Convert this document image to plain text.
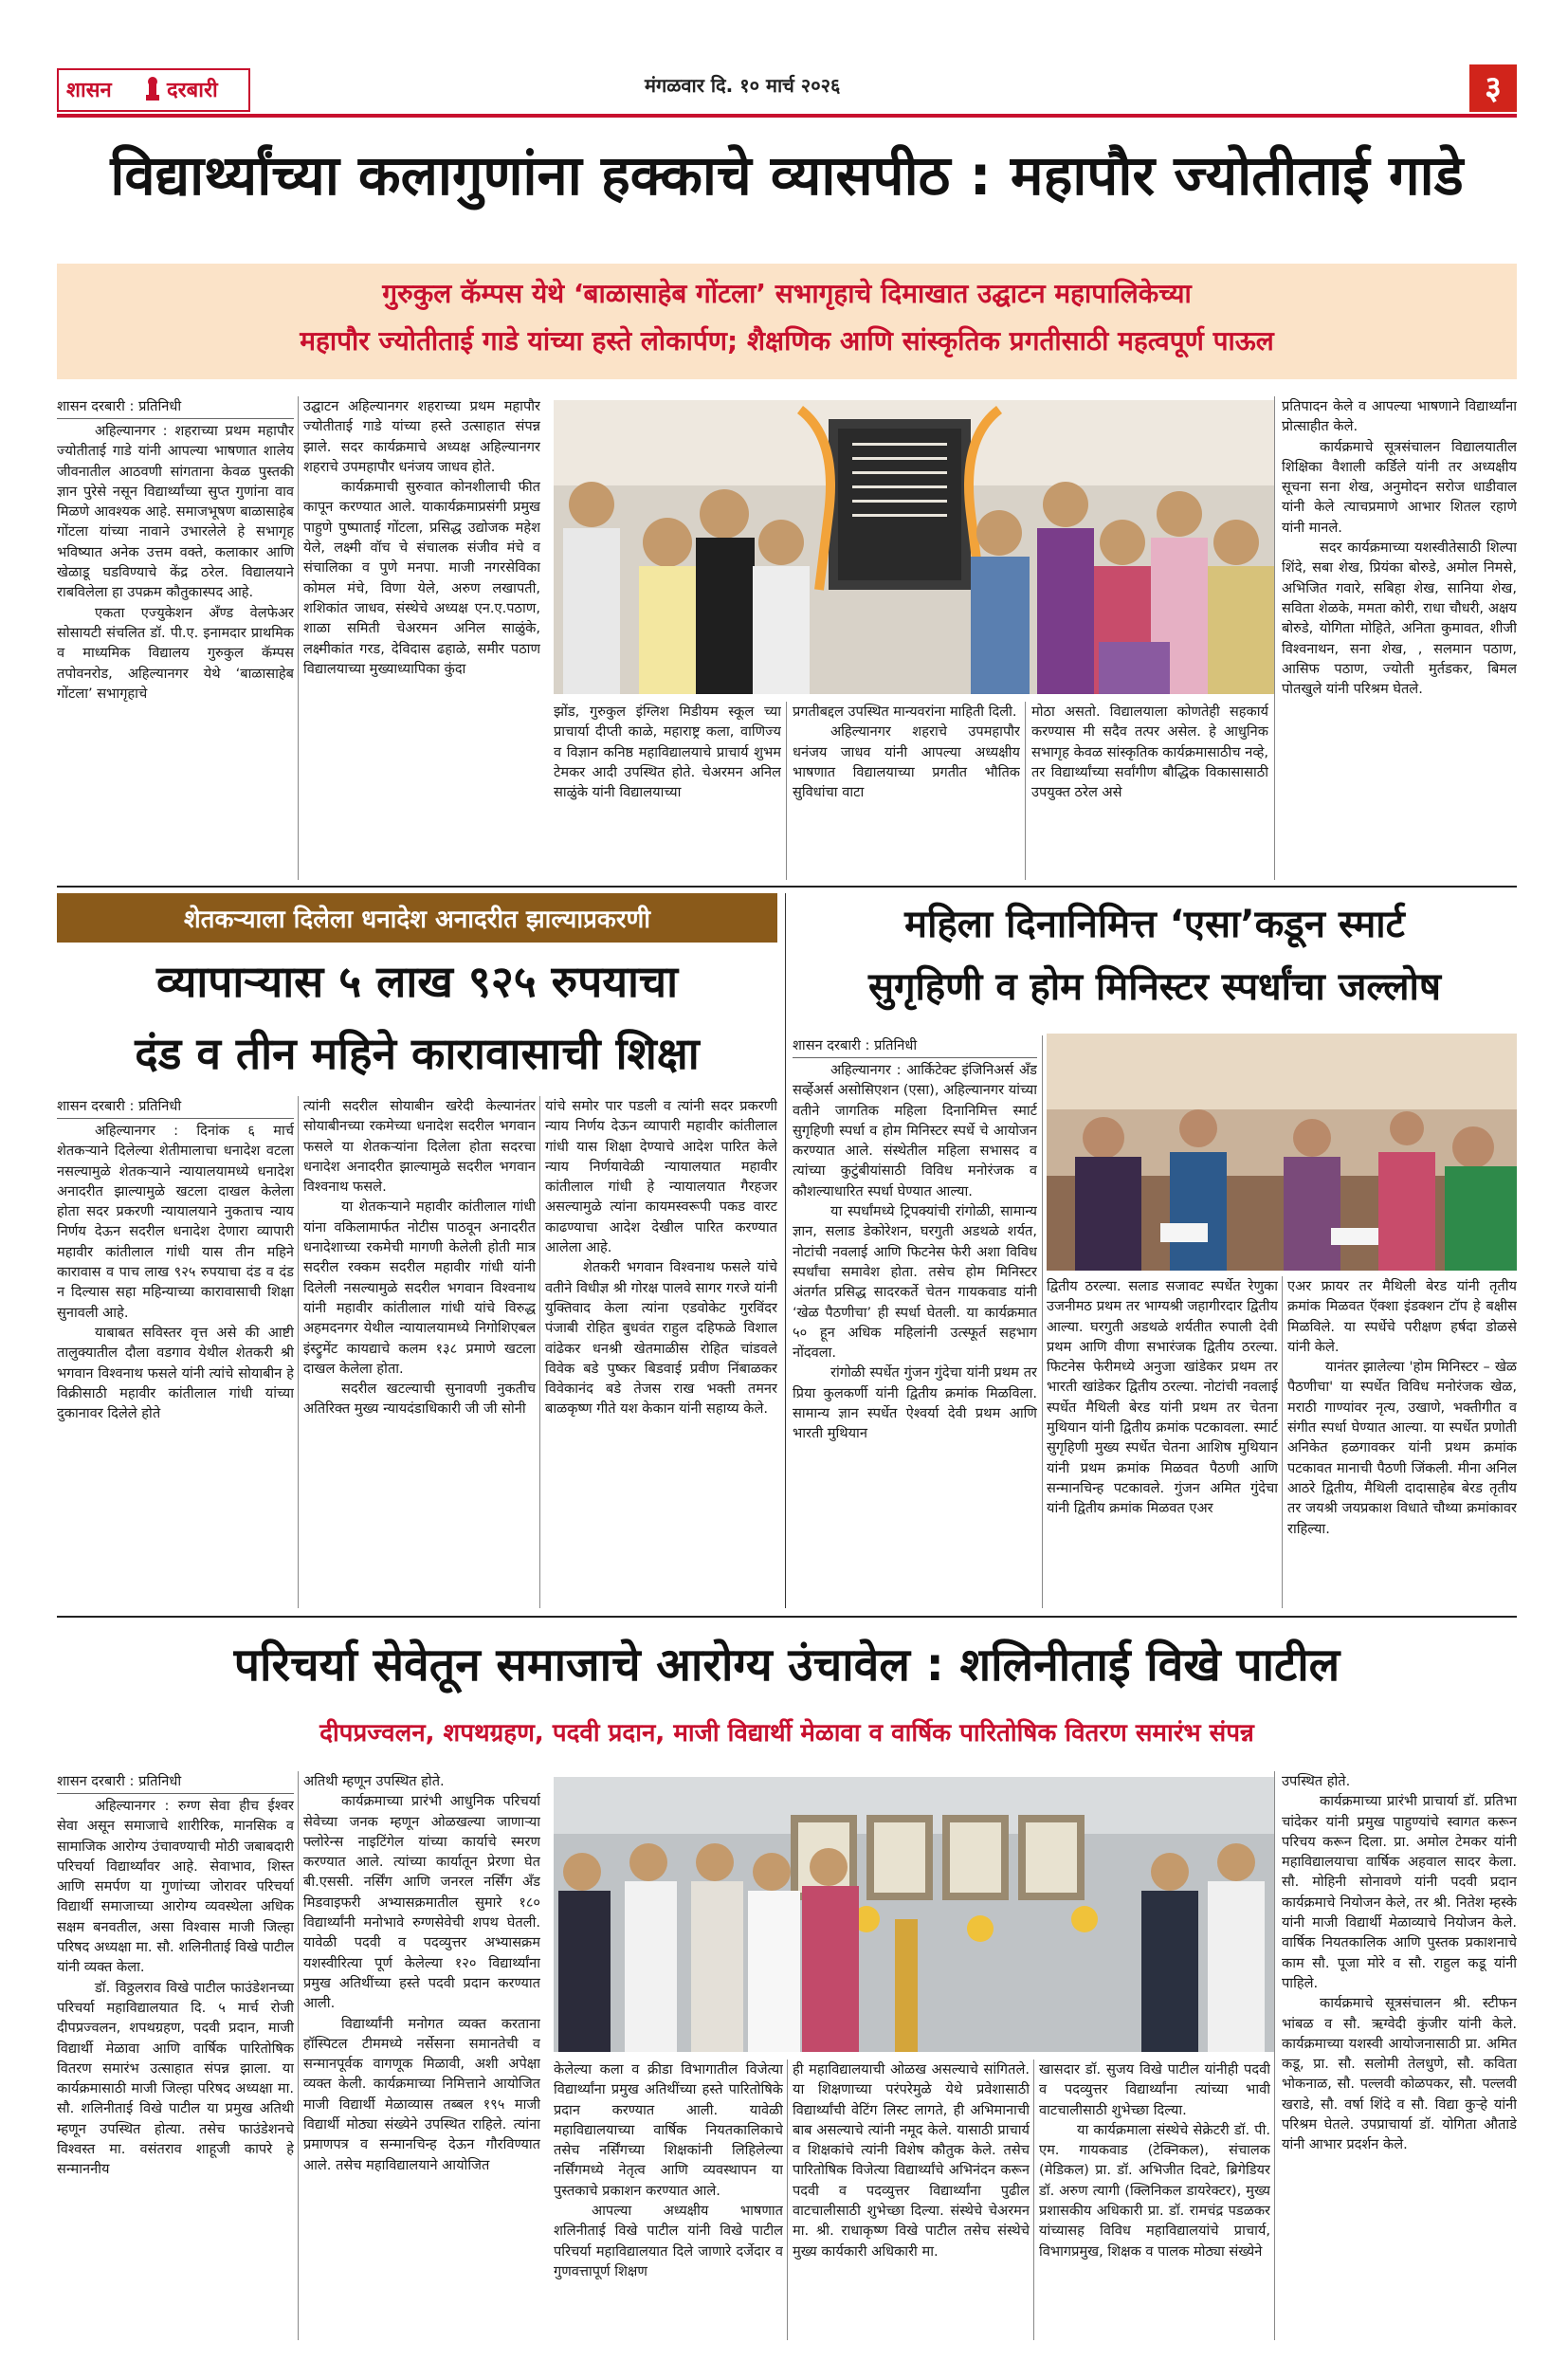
शासन	दरबारी	मंगळवार दि. १० मार्च २०२६	३
विद्यार्थ्यांच्या कलागुणांना हक्काचे व्यासपीठ : महापौर ज्योतीताई गाडे
गुरुकुल कॅम्पस येथे ‘बाळासाहेब गोंटला’ सभागृहाचे दिमाखात उद्घाटन महापालिकेच्या
महापौर ज्योतीताई गाडे यांच्या हस्ते लोकार्पण; शैक्षणिक आणि सांस्कृतिक प्रगतीसाठी महत्वपूर्ण पाऊल
शासन दरबारी : प्रतिनिधी

अहिल्यानगर : शहराच्या प्रथम महापौर ज्योतीताई गाडे यांनी आपल्या भाषणात शालेय जीवनातील आठवणी सांगताना केवळ पुस्तकी ज्ञान पुरेसे नसून विद्यार्थ्यांच्या सुप्त गुणांना वाव मिळणे आवश्यक आहे. समाजभूषण बाळासाहेब गोंटला यांच्या नावाने उभारलेले हे सभागृह भविष्यात अनेक उत्तम वक्ते, कलाकार आणि खेळाडू घडविण्याचे केंद्र ठरेल. विद्यालयाने राबविलेला हा उपक्रम कौतुकास्पद आहे.

एकता एज्युकेशन अँण्ड वेलफेअर सोसायटी संचलित डॉ. पी.ए. इनामदार प्राथमिक व माध्यमिक विद्यालय गुरुकुल कॅम्पस तपोवनरोड, अहिल्यानगर येथे ‘बाळासाहेब गोंटला’ सभागृहाचे

उद्घाटन अहिल्यानगर शहराच्या प्रथम महापौर ज्योतीताई गाडे यांच्या हस्ते उत्साहात संपन्न झाले. सदर कार्यक्रमाचे अध्यक्ष अहिल्यानगर शहराचे उपमहापौर धनंजय जाधव होते.

कार्यक्रमाची सुरुवात कोनशीलाची फीत कापून करण्यात आले. याकार्यक्रमाप्रसंगी प्रमुख पाहुणे पुष्पाताई गोंटला, प्रसिद्ध उद्योजक महेश येले, लक्ष्मी वॉच चे संचालक संजीव मंचे व संचालिका व पुणे मनपा. माजी नगरसेविका कोमल मंचे, विणा येले, अरुण लखापती, शशिकांत जाधव, संस्थेचे अध्यक्ष एन.ए.पठाण, शाळा समिती चेअरमन अनिल साळुंके, लक्ष्मीकांत गरड, देविदास ढहाळे, समीर पठाण विद्यालयाच्या मुख्याध्यापिका कुंदा

झोंड, गुरुकुल इंग्लिश मिडीयम स्कूल च्या प्राचार्या दीप्ती काळे, महाराष्ट्र कला, वाणिज्य व विज्ञान कनिष्ठ महाविद्यालयाचे प्राचार्य शुभम टेमकर आदी उपस्थित होते. चेअरमन अनिल साळुंके यांनी विद्यालयाच्या

प्रगतीबद्दल उपस्थित मान्यवरांना माहिती दिली.

अहिल्यानगर शहराचे उपमहापौर धनंजय जाधव यांनी आपल्या अध्यक्षीय भाषणात विद्यालयाच्या प्रगतीत भौतिक सुविधांचा वाटा

मोठा असतो. विद्यालयाला कोणतेही सहकार्य करण्यास मी सदैव तत्पर असेल. हे आधुनिक सभागृह केवळ सांस्कृतिक कार्यक्रमासाठीच नव्हे, तर विद्यार्थ्यांच्या सर्वांगीण बौद्धिक विकासासाठी उपयुक्त ठरेल असे

प्रतिपादन केले व आपल्या भाषणाने विद्यार्थ्यांना प्रोत्साहीत केले.

कार्यक्रमाचे सूत्रसंचालन विद्यालयातील शिक्षिका वैशाली कर्डिले यांनी तर अध्यक्षीय सूचना सना शेख, अनुमोदन सरोज धाडीवाल यांनी केले त्याचप्रमाणे आभार शितल रहाणे यांनी मानले.

सदर कार्यक्रमाच्या यशस्वीतेसाठी शिल्पा शिंदे, सबा शेख, प्रियंका बोरुडे, अमोल निमसे, अभिजित गवारे, सबिहा शेख, सानिया शेख, सविता शेळके, ममता कोरी, राधा चौधरी, अक्षय बोरुडे, योगिता मोहिते, अनिता कुमावत, शीजी विश्वनाथन, सना शेख, , सलमान पठाण, आसिफ पठाण, ज्योती मुर्तडकर, बिमल पोतखुले यांनी परिश्रम घेतले.

शेतकऱ्याला दिलेला धनादेश अनादरीत झाल्याप्रकरणी
व्यापाऱ्यास ५ लाख ९२५ रुपयाचा
दंड व तीन महिने कारावासाची शिक्षा
शासन दरबारी : प्रतिनिधी

अहिल्यानगर : दिनांक ६ मार्च शेतकऱ्याने दिलेल्या शेतीमालाचा धनादेश वटला नसल्यामुळे शेतकऱ्याने न्यायालयामध्ये धनादेश अनादरीत झाल्यामुळे खटला दाखल केलेला होता सदर प्रकरणी न्यायालयाने नुकताच न्याय निर्णय देऊन सदरील धनादेश देणारा व्यापारी महावीर कांतीलाल गांधी यास तीन महिने कारावास व पाच लाख ९२५ रुपयाचा दंड व दंड न दिल्यास सहा महिन्याच्या कारावासाची शिक्षा सुनावली आहे.

याबाबत सविस्तर वृत्त असे की आष्टी तालुक्यातील दौला वडगाव येथील शेतकरी श्री भगवान विश्वनाथ फसले यांनी त्यांचे सोयाबीन हे विक्रीसाठी महावीर कांतीलाल गांधी यांच्या दुकानावर दिलेले होते

त्यांनी सदरील सोयाबीन खरेदी केल्यानंतर सोयाबीनच्या रकमेच्या धनादेश सदरील भगवान फसले या शेतकऱ्यांना दिलेला होता सदरचा धनादेश अनादरीत झाल्यामुळे सदरील भगवान विश्वनाथ फसले.

या शेतकऱ्याने महावीर कांतीलाल गांधी यांना वकिलामार्फत नोटीस पाठवून अनादरीत धनादेशाच्या रकमेची मागणी केलेली होती मात्र सदरील रक्कम सदरील महावीर गांधी यांनी दिलेली नसल्यामुळे सदरील भगवान विश्वनाथ यांनी महावीर कांतीलाल गांधी यांचे विरुद्ध अहमदनगर येथील न्यायालयामध्ये निगोशिएबल इंस्ट्रुमेंट कायद्याचे कलम १३८ प्रमाणे खटला दाखल केलेला होता.

सदरील खटल्याची सुनावणी नुकतीच अतिरिक्त मुख्य न्यायदंडाधिकारी जी जी सोनी

यांचे समोर पार पडली व त्यांनी सदर प्रकरणी न्याय निर्णय देऊन व्यापारी महावीर कांतीलाल गांधी यास शिक्षा देण्याचे आदेश पारित केले न्याय निर्णयावेळी न्यायालयात महावीर कांतीलाल गांधी हे न्यायालयात गैरहजर असल्यामुळे त्यांना कायमस्वरूपी पकड वारट काढण्याचा आदेश देखील पारित करण्यात आलेला आहे.

शेतकरी भगवान विश्वनाथ फसले यांचे वतीने विधीज्ञ श्री गोरक्ष पालवे सागर गरजे यांनी युक्तिवाद केला त्यांना एडवोकेट गुरविंदर पंजाबी रोहित बुधवंत राहुल दहिफळे विशाल वांढेकर धनश्री खेतमाळीस रोहित चांडवले विवेक बडे पुष्कर बिडवाई प्रवीण निंबाळकर विवेकानंद बडे तेजस राख भक्ती तमनर बाळकृष्ण गीते यश केकान यांनी सहाय्य केले.

महिला दिनानिमित्त ‘एसा’कडून स्मार्ट
सुगृहिणी व होम मिनिस्टर स्पर्धांचा जल्लोष
शासन दरबारी : प्रतिनिधी

अहिल्यानगर : आर्किटेक्ट इंजिनिअर्स अँड सर्व्हेअर्स असोसिएशन (एसा), अहिल्यानगर यांच्या वतीने जागतिक महिला दिनानिमित्त स्मार्ट सुगृहिणी स्पर्धा व होम मिनिस्टर स्पर्धे चे आयोजन करण्यात आले. संस्थेतील महिला सभासद व त्यांच्या कुटुंबीयांसाठी विविध मनोरंजक व कौशल्याधारित स्पर्धा घेण्यात आल्या.

या स्पर्धांमध्ये ट्रिपक्यांची रांगोळी, सामान्य ज्ञान, सलाड डेकोरेशन, घरगुती अडथळे शर्यत, नोटांची नवलाई आणि फिटनेस फेरी अशा विविध स्पर्धांचा समावेश होता. तसेच होम मिनिस्टर अंतर्गत प्रसिद्ध सादरकर्ते चेतन गायकवाड यांनी ‘खेळ पैठणीचा’ ही स्पर्धा घेतली. या कार्यक्रमात ५० हून अधिक महिलांनी उत्स्फूर्त सहभाग नोंदवला.

रांगोळी स्पर्धेत गुंजन गुंदेचा यांनी प्रथम तर प्रिया कुलकर्णी यांनी द्वितीय क्रमांक मिळविला. सामान्य ज्ञान स्पर्धेत ऐश्वर्या देवी प्रथम आणि भारती मुथियान

द्वितीय ठरल्या. सलाड सजावट स्पर्धेत रेणुका उजनीमठ प्रथम तर भाग्यश्री जहागीरदार द्वितीय आल्या. घरगुती अडथळे शर्यतीत रुपाली देवी प्रथम आणि वीणा सभारंजक द्वितीय ठरल्या. फिटनेस फेरीमध्ये अनुजा खांडेकर प्रथम तर भारती खांडेकर द्वितीय ठरल्या. नोटांची नवलाई स्पर्धेत मैथिली बेरड यांनी प्रथम तर चेतना मुथियान यांनी द्वितीय क्रमांक पटकावला. स्मार्ट सुगृहिणी मुख्य स्पर्धेत चेतना आशिष मुथियान यांनी प्रथम क्रमांक मिळवत पैठणी आणि सन्मानचिन्ह पटकावले. गुंजन अमित गुंदेचा यांनी द्वितीय क्रमांक मिळवत एअर

एअर फ्रायर तर मैथिली बेरड यांनी तृतीय क्रमांक मिळवत ऍक्शा इंडक्शन टॉप हे बक्षीस मिळविले. या स्पर्धेचे परीक्षण हर्षदा डोळसे यांनी केले.

यानंतर झालेल्या 'होम मिनिस्टर – खेळ पैठणीचा' या स्पर्धेत विविध मनोरंजक खेळ, मराठी गाण्यांवर नृत्य, उखाणे, भक्तीगीत व संगीत स्पर्धा घेण्यात आल्या. या स्पर्धेत प्रणोती अनिकेत हळगावकर यांनी प्रथम क्रमांक पटकावत मानाची पैठणी जिंकली. मीना अनिल आठरे द्वितीय, मैथिली दादासाहेब बेरड तृतीय तर जयश्री जयप्रकाश विधाते चौथ्या क्रमांकावर राहिल्या.

परिचर्या सेवेतून समाजाचे आरोग्य उंचावेल : शलिनीताई विखे पाटील
दीपप्रज्वलन, शपथग्रहण, पदवी प्रदान, माजी विद्यार्थी मेळावा व वार्षिक पारितोषिक वितरण समारंभ संपन्न
शासन दरबारी : प्रतिनिधी

अहिल्यानगर : रुग्ण सेवा हीच ईश्वर सेवा असून समाजाचे शारीरिक, मानसिक व सामाजिक आरोग्य उंचावण्याची मोठी जबाबदारी परिचर्या विद्यार्थ्यांवर आहे. सेवाभाव, शिस्त आणि समर्पण या गुणांच्या जोरावर परिचर्या विद्यार्थी समाजाच्या आरोग्य व्यवस्थेला अधिक सक्षम बनवतील, असा विश्वास माजी जिल्हा परिषद अध्यक्षा मा. सौ. शलिनीताई विखे पाटील यांनी व्यक्त केला.

डॉ. विठ्ठलराव विखे पाटील फाउंडेशनच्या परिचर्या महाविद्यालयात दि. ५ मार्च रोजी दीपप्रज्वलन, शपथग्रहण, पदवी प्रदान, माजी विद्यार्थी मेळावा आणि वार्षिक पारितोषिक वितरण समारंभ उत्साहात संपन्न झाला. या कार्यक्रमासाठी माजी जिल्हा परिषद अध्यक्षा मा. सौ. शलिनीताई विखे पाटील या प्रमुख अतिथी म्हणून उपस्थित होत्या. तसेच फाउंडेशनचे विश्वस्त मा. वसंतराव शाहूजी कापरे हे सन्माननीय

अतिथी म्हणून उपस्थित होते.

कार्यक्रमाच्या प्रारंभी आधुनिक परिचर्या सेवेच्या जनक म्हणून ओळखल्या जाणाऱ्या फ्लोरेन्स नाइटिंगेल यांच्या कार्याचे स्मरण करण्यात आले. त्यांच्या कार्यातून प्रेरणा घेत बी.एससी. नर्सिंग आणि जनरल नर्सिंग अँड मिडवाइफरी अभ्यासक्रमातील सुमारे १८० विद्यार्थ्यांनी मनोभावे रुग्णसेवेची शपथ घेतली. यावेळी पदवी व पदव्युत्तर अभ्यासक्रम यशस्वीरित्या पूर्ण केलेल्या १२० विद्यार्थ्यांना प्रमुख अतिथींच्या हस्ते पदवी प्रदान करण्यात आली.

विद्यार्थ्यांनी मनोगत व्यक्त करताना हॉस्पिटल टीममध्ये नर्सेसना समानतेची व सन्मानपूर्वक वागणूक मिळावी, अशी अपेक्षा व्यक्त केली. कार्यक्रमाच्या निमित्ताने आयोजित माजी विद्यार्थी मेळाव्यास तब्बल १९५ माजी विद्यार्थी मोठ्या संख्येने उपस्थित राहिले. त्यांना प्रमाणपत्र व सन्मानचिन्ह देऊन गौरविण्यात आले. तसेच महाविद्यालयाने आयोजित

केलेल्या कला व क्रीडा विभागातील विजेत्या विद्यार्थ्यांना प्रमुख अतिथींच्या हस्ते पारितोषिके प्रदान करण्यात आली. यावेळी महाविद्यालयाच्या वार्षिक नियतकालिकाचे तसेच नर्सिंगच्या शिक्षकांनी लिहिलेल्या नर्सिंगमध्ये नेतृत्व आणि व्यवस्थापन या पुस्तकाचे प्रकाशन करण्यात आले.

आपल्या अध्यक्षीय भाषणात शलिनीताई विखे पाटील यांनी विखे पाटील परिचर्या महाविद्यालयात दिले जाणारे दर्जेदार व गुणवत्तापूर्ण शिक्षण

ही महाविद्यालयाची ओळख असल्याचे सांगितले. या शिक्षणाच्या परंपरेमुळे येथे प्रवेशासाठी विद्यार्थ्यांची वेटिंग लिस्ट लागते, ही अभिमानाची बाब असल्याचे त्यांनी नमूद केले. यासाठी प्राचार्य व शिक्षकांचे त्यांनी विशेष कौतुक केले. तसेच पारितोषिक विजेत्या विद्यार्थ्यांचे अभिनंदन करून पदवी व पदव्युत्तर विद्यार्थ्यांना पुढील वाटचालीसाठी शुभेच्छा दिल्या. संस्थेचे चेअरमन मा. श्री. राधाकृष्ण विखे पाटील तसेच संस्थेचे मुख्य कार्यकारी अधिकारी मा.

खासदार डॉ. सुजय विखे पाटील यांनीही पदवी व पदव्युत्तर विद्यार्थ्यांना त्यांच्या भावी वाटचालीसाठी शुभेच्छा दिल्या.

या कार्यक्रमाला संस्थेचे सेक्रेटरी डॉ. पी. एम. गायकवाड (टेक्निकल), संचालक (मेडिकल) प्रा. डॉ. अभिजीत दिवटे, ब्रिगेडियर डॉ. अरुण त्यागी (क्लिनिकल डायरेक्टर), मुख्य प्रशासकीय अधिकारी प्रा. डॉ. रामचंद्र पडळकर यांच्यासह विविध महाविद्यालयांचे प्राचार्य, विभागप्रमुख, शिक्षक व पालक मोठ्या संख्येने

उपस्थित होते.

कार्यक्रमाच्या प्रारंभी प्राचार्या डॉ. प्रतिभा चांदेकर यांनी प्रमुख पाहुण्यांचे स्वागत करून परिचय करून दिला. प्रा. अमोल टेमकर यांनी महाविद्यालयाचा वार्षिक अहवाल सादर केला. सौ. मोहिनी सोनावणे यांनी पदवी प्रदान कार्यक्रमाचे नियोजन केले, तर श्री. नितेश म्हस्के यांनी माजी विद्यार्थी मेळाव्याचे नियोजन केले. वार्षिक नियतकालिक आणि पुस्तक प्रकाशनाचे काम सौ. पूजा मोरे व सौ. राहुल कडू यांनी पाहिले.

कार्यक्रमाचे सूत्रसंचालन श्री. स्टीफन भांबळ व सौ. ऋग्वेदी कुंजीर यांनी केले. कार्यक्रमाच्या यशस्वी आयोजनासाठी प्रा. अमित कडू, प्रा. सौ. सलोमी तेलधुणे, सौ. कविता भोकनाळ, सौ. पल्लवी कोळपकर, सौ. पल्लवी खराडे, सौ. वर्षा शिंदे व सौ. विद्या कुऱ्हे यांनी परिश्रम घेतले. उपप्राचार्या डॉ. योगिता औताडे यांनी आभार प्रदर्शन केले.
